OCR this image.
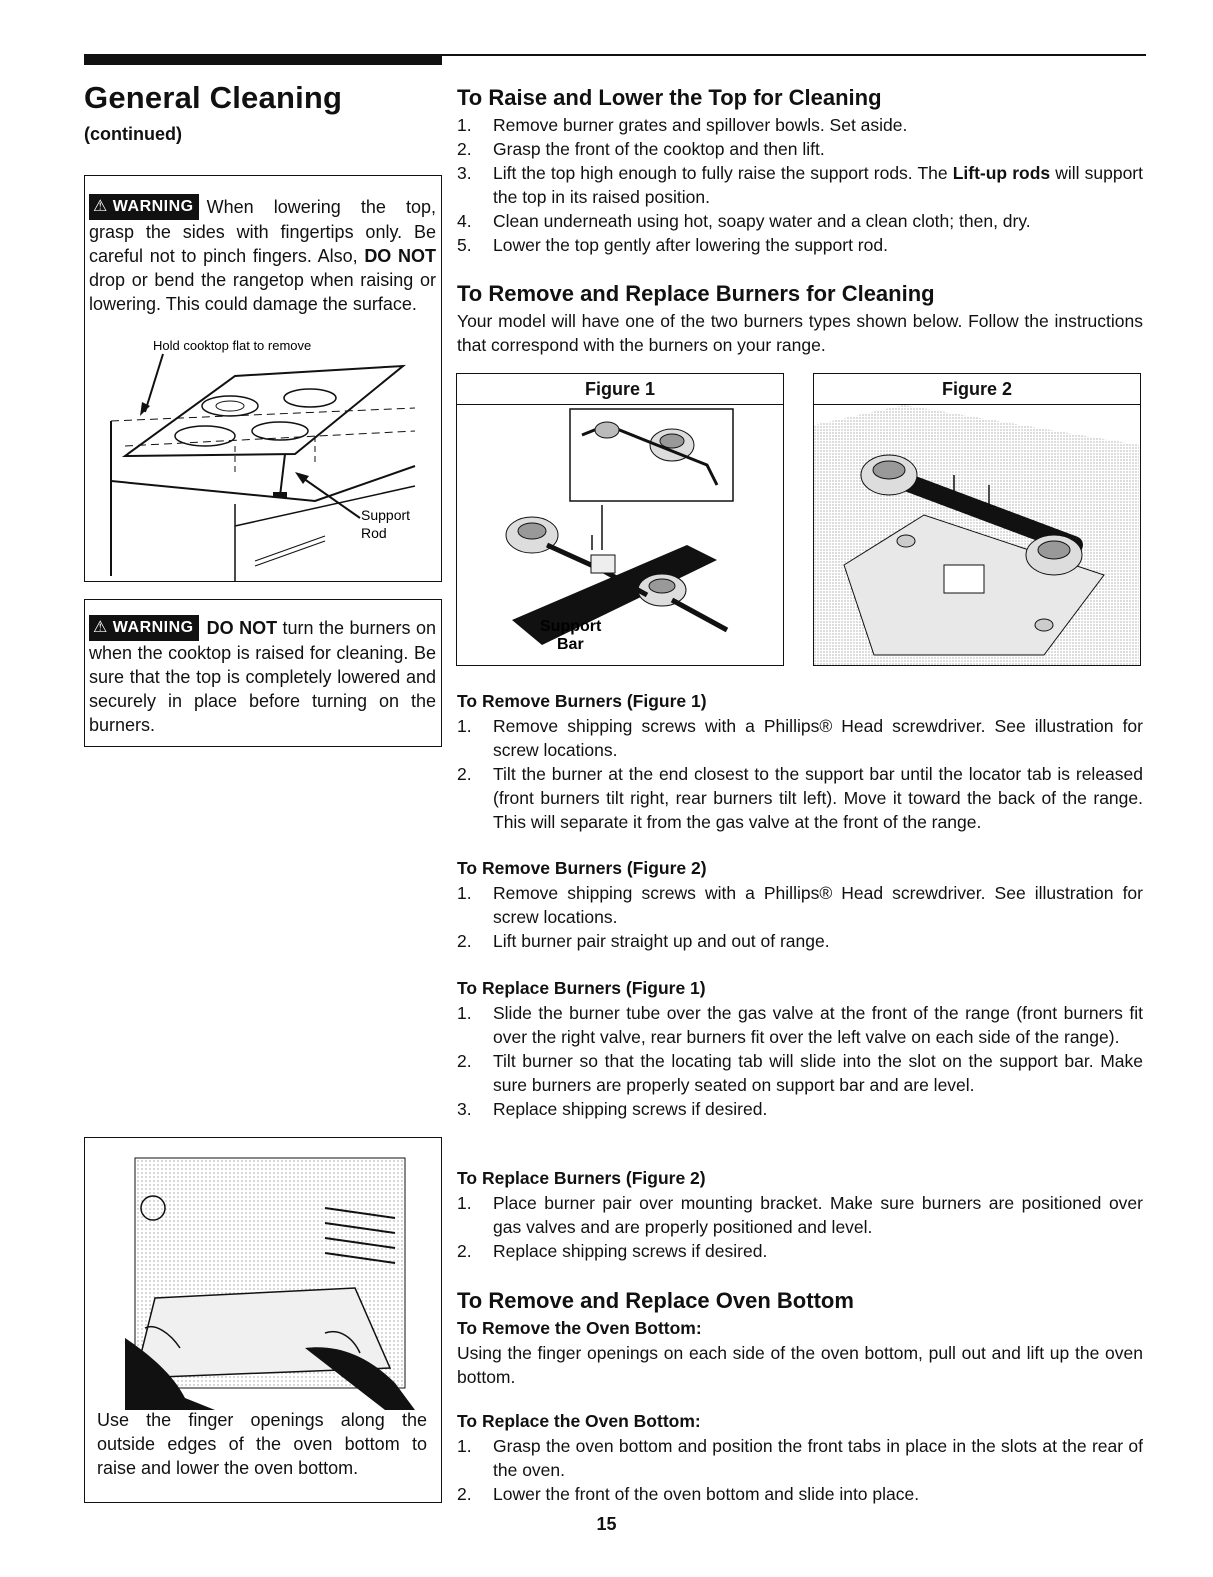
General Cleaning
(continued)
⚠ WARNING When lowering the top, grasp the sides with fingertips only. Be careful not to pinch fingers. Also, DO NOT drop or bend the rangetop when raising or lowering. This could damage the surface.
Hold cooktop flat to remove
Support
Rod
⚠ WARNING DO NOT turn the burners on when the cooktop is raised for cleaning. Be sure that the top is completely lowered and securely in place before turning on the burners.
Use the finger openings along the outside edges of the oven bottom to raise and lower the oven bottom.
To Raise and Lower the Top for Cleaning
1. Remove burner grates and spillover bowls. Set aside.
2. Grasp the front of the cooktop and then lift.
3. Lift the top high enough to fully raise the support rods. The Lift-up rods will support the top in its raised position.
4. Clean underneath using hot, soapy water and a clean cloth; then, dry.
5. Lower the top gently after lowering the support rod.
To Remove and Replace Burners for Cleaning
Your model will have one of the two burners types shown below. Follow the instructions that correspond with the burners on your range.
Figure 1
Support
Bar
Figure 2
To Remove Burners (Figure 1)
1. Remove shipping screws with a Phillips® Head screwdriver. See illustration for screw locations.
2. Tilt the burner at the end closest to the support bar until the locator tab is released (front burners tilt right, rear burners tilt left). Move it toward the back of the range. This will separate it from the gas valve at the front of the range.
To Remove Burners (Figure 2)
1. Remove shipping screws with a Phillips® Head screwdriver. See illustration for screw locations.
2. Lift burner pair straight up and out of range.
To Replace Burners (Figure 1)
1. Slide the burner tube over the gas valve at the front of the range (front burners fit over the right valve, rear burners fit over the left valve on each side of the range).
2. Tilt burner so that the locating tab will slide into the slot on the support bar. Make sure burners are properly seated on support bar and are level.
3. Replace shipping screws if desired.
To Replace Burners (Figure 2)
1. Place burner pair over mounting bracket. Make sure burners are positioned over gas valves and are properly positioned and level.
2. Replace shipping screws if desired.
To Remove and Replace Oven Bottom
To Remove the Oven Bottom:
Using the finger openings on each side of the oven bottom, pull out and lift up the oven bottom.
To Replace the Oven Bottom:
1. Grasp the oven bottom and position the front tabs in place in the slots at the rear of the oven.
2. Lower the front of the oven bottom and slide into place.
15
